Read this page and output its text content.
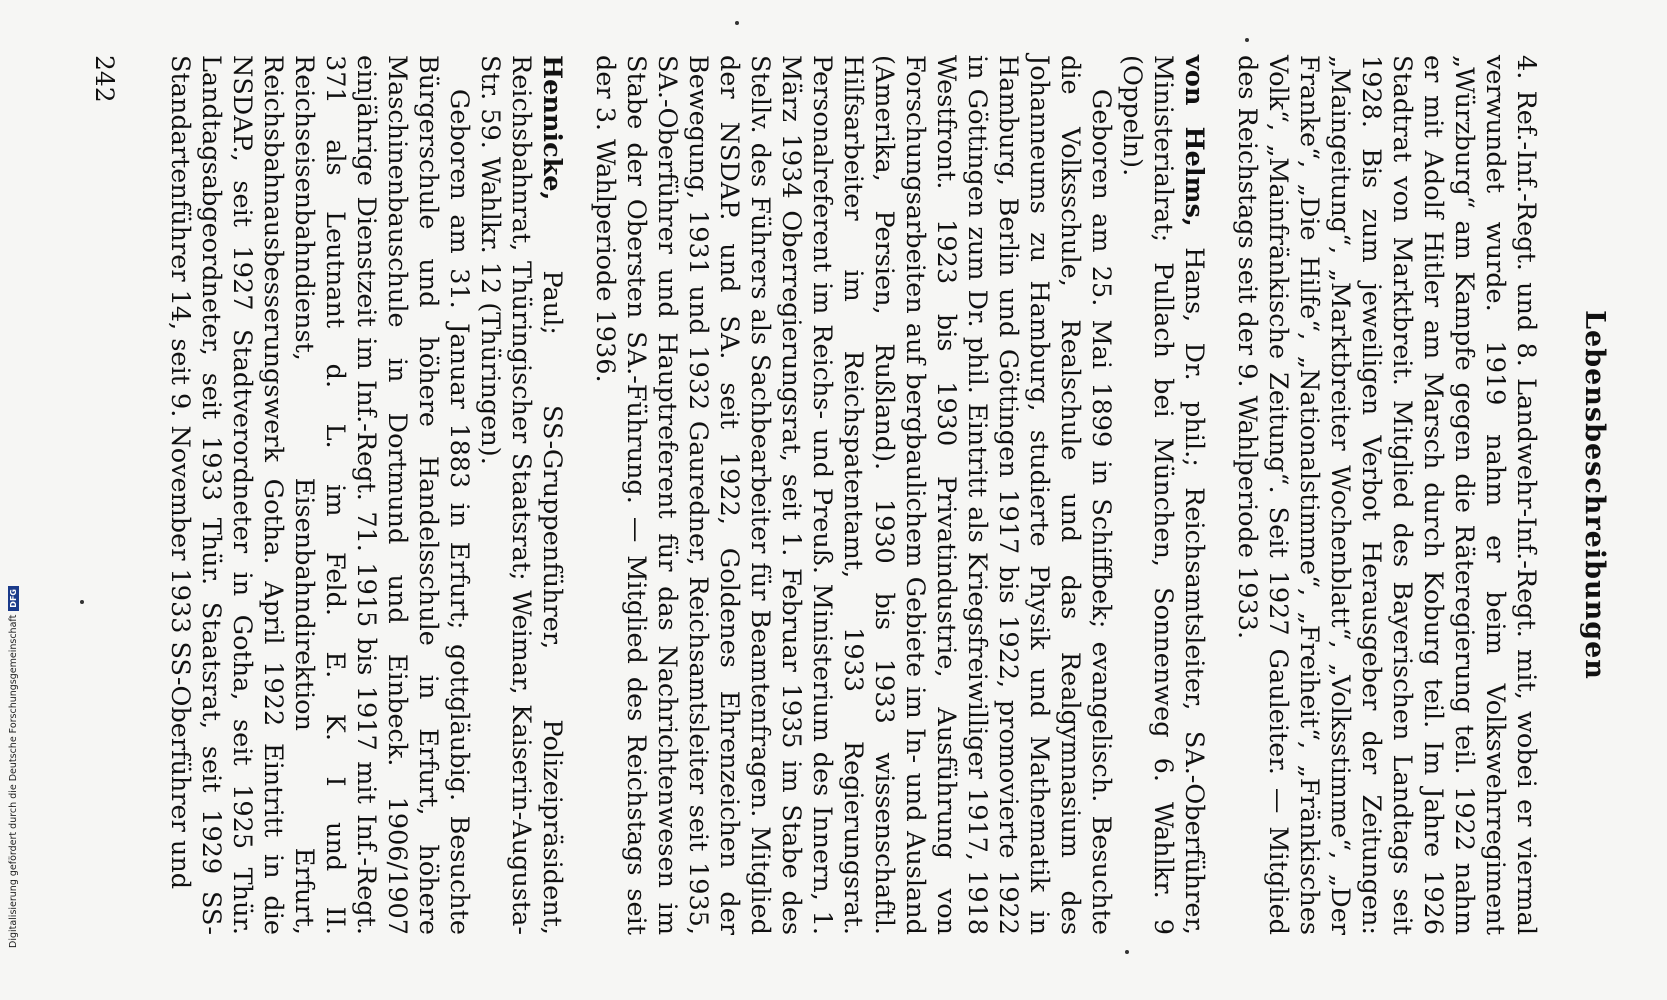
Lebensbeschreibungen

4. Ref.-Inf.-Regt. und 8. Landwehr-Inf.-Regt. mit, wobei er viermal verwundet wurde. 1919 nahm er beim Volkswehrregiment „Würzburg“ am Kampfe gegen die Räteregierung teil. 1922 nahm er mit Adolf Hitler am Marsch durch Koburg teil. Im Jahre 1926 Stadtrat von Marktbreit. Mitglied des Bayerischen Landtags seit 1928. Bis zum jeweiligen Verbot Herausgeber der Zeitungen: „Maingeitung“, „Marktbreiter Wochenblatt“, „Volksstimme“, „Der Franke“, „Die Hilfe“, „Nationalstimme“, „Freiheit“, „Fränkisches Volk“, „Mainfränkische Zeitung“. Seit 1927 Gauleiter. — Mitglied des Reichstags seit der 9. Wahlperiode 1933.

von Helms, Hans, Dr. phil.; Reichsamtsleiter, SA.-Oberführer, Ministerialrat; Pullach bei München, Sonnenweg 6. Wahlkr. 9 (Oppeln).

Geboren am 25. Mai 1899 in Schiffbek; evangelisch. Besuchte die Volksschule, Realschule und das Realgymnasium des Johanneums zu Hamburg, studierte Physik und Mathematik in Hamburg, Berlin und Göttingen 1917 bis 1922, promovierte 1922 in Göttingen zum Dr. phil. Eintritt als Kriegsfreiwilliger 1917, 1918 Westfront. 1923 bis 1930 Privatindustrie, Ausführung von Forschungsarbeiten auf bergbaulichem Gebiete im In- und Ausland (Amerika, Persien, Rußland). 1930 bis 1933 wissenschaftl. Hilfsarbeiter im Reichspatentamt, 1933 Regierungsrat. Personalreferent im Reichs- und Preuß. Ministerium des Innern, 1. März 1934 Oberregierungsrat, seit 1. Februar 1935 im Stabe des Stellv. des Führers als Sachbearbeiter für Beamtenfragen. Mitglied der NSDAP. und SA. seit 1922, Goldenes Ehrenzeichen der Bewegung, 1931 und 1932 Gauredner, Reichsamtsleiter seit 1935, SA.-Oberführer und Hauptreferent für das Nachrichtenwesen im Stabe der Obersten SA.-Führung. — Mitglied des Reichstags seit der 3. Wahlperiode 1936.

Hennicke, Paul; SS-Gruppenführer, Polizeipräsident, Reichsbahnrat, Thüringischer Staatsrat; Weimar, Kaiserin-Augusta-Str. 59. Wahlkr. 12 (Thüringen).

Geboren am 31. Januar 1883 in Erfurt; gottgläubig. Besuchte Bürgerschule und höhere Handelsschule in Erfurt, höhere Maschinenbauschule in Dortmund und Einbeck. 1906/1907 einjährige Dienstzeit im Inf.-Regt. 71. 1915 bis 1917 mit Inf.-Regt. 371 als Leutnant d. L. im Feld. E. K. I und II. Reichseisenbahndienst, Eisenbahndirektion Erfurt, Reichsbahnausbesserungswerk Gotha. April 1922 Eintritt in die NSDAP., seit 1927 Stadtverordneter in Gotha, seit 1925 Thür. Landtagsabgeordneter, seit 1933 Thür. Staatsrat, seit 1929 SS-Standartenführer 14, seit 9. November 1933 SS-Oberführer und

242
Digitalisierung gefördert durch die Deutsche ForschungsgemeinschaftDFG
